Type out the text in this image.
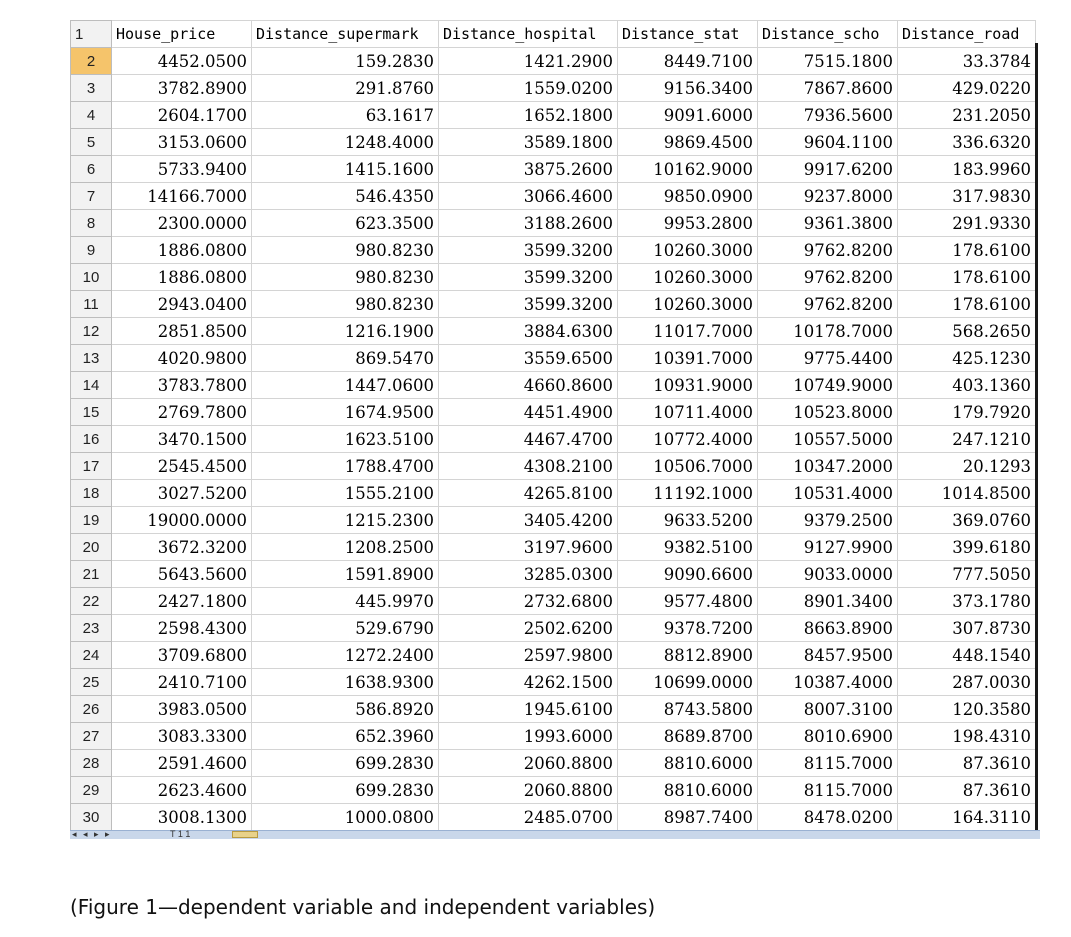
1	House_price	Distance_supermark	Distance_hospital	Distance_stat	Distance_scho	Distance_road
2	4452.0500	159.2830	1421.2900	8449.7100	7515.1800	33.3784
3	3782.8900	291.8760	1559.0200	9156.3400	7867.8600	429.0220
4	2604.1700	63.1617	1652.1800	9091.6000	7936.5600	231.2050
5	3153.0600	1248.4000	3589.1800	9869.4500	9604.1100	336.6320
6	5733.9400	1415.1600	3875.2600	10162.9000	9917.6200	183.9960
7	14166.7000	546.4350	3066.4600	9850.0900	9237.8000	317.9830
8	2300.0000	623.3500	3188.2600	9953.2800	9361.3800	291.9330
9	1886.0800	980.8230	3599.3200	10260.3000	9762.8200	178.6100
10	1886.0800	980.8230	3599.3200	10260.3000	9762.8200	178.6100
11	2943.0400	980.8230	3599.3200	10260.3000	9762.8200	178.6100
12	2851.8500	1216.1900	3884.6300	11017.7000	10178.7000	568.2650
13	4020.9800	869.5470	3559.6500	10391.7000	9775.4400	425.1230
14	3783.7800	1447.0600	4660.8600	10931.9000	10749.9000	403.1360
15	2769.7800	1674.9500	4451.4900	10711.4000	10523.8000	179.7920
16	3470.1500	1623.5100	4467.4700	10772.4000	10557.5000	247.1210
17	2545.4500	1788.4700	4308.2100	10506.7000	10347.2000	20.1293
18	3027.5200	1555.2100	4265.8100	11192.1000	10531.4000	1014.8500
19	19000.0000	1215.2300	3405.4200	9633.5200	9379.2500	369.0760
20	3672.3200	1208.2500	3197.9600	9382.5100	9127.9900	399.6180
21	5643.5600	1591.8900	3285.0300	9090.6600	9033.0000	777.5050
22	2427.1800	445.9970	2732.6800	9577.4800	8901.3400	373.1780
23	2598.4300	529.6790	2502.6200	9378.7200	8663.8900	307.8730
24	3709.6800	1272.2400	2597.9800	8812.8900	8457.9500	448.1540
25	2410.7100	1638.9300	4262.1500	10699.0000	10387.4000	287.0030
26	3983.0500	586.8920	1945.6100	8743.5800	8007.3100	120.3580
27	3083.3300	652.3960	1993.6000	8689.8700	8010.6900	198.4310
28	2591.4600	699.2830	2060.8800	8810.6000	8115.7000	87.3610
29	2623.4600	699.2830	2060.8800	8810.6000	8115.7000	87.3610
30	3008.1300	1000.0800	2485.0700	8987.7400	8478.0200	164.3110
◂ ◂ ▸ ▸	T 1 1
(Figure 1—dependent variable and independent variables)
